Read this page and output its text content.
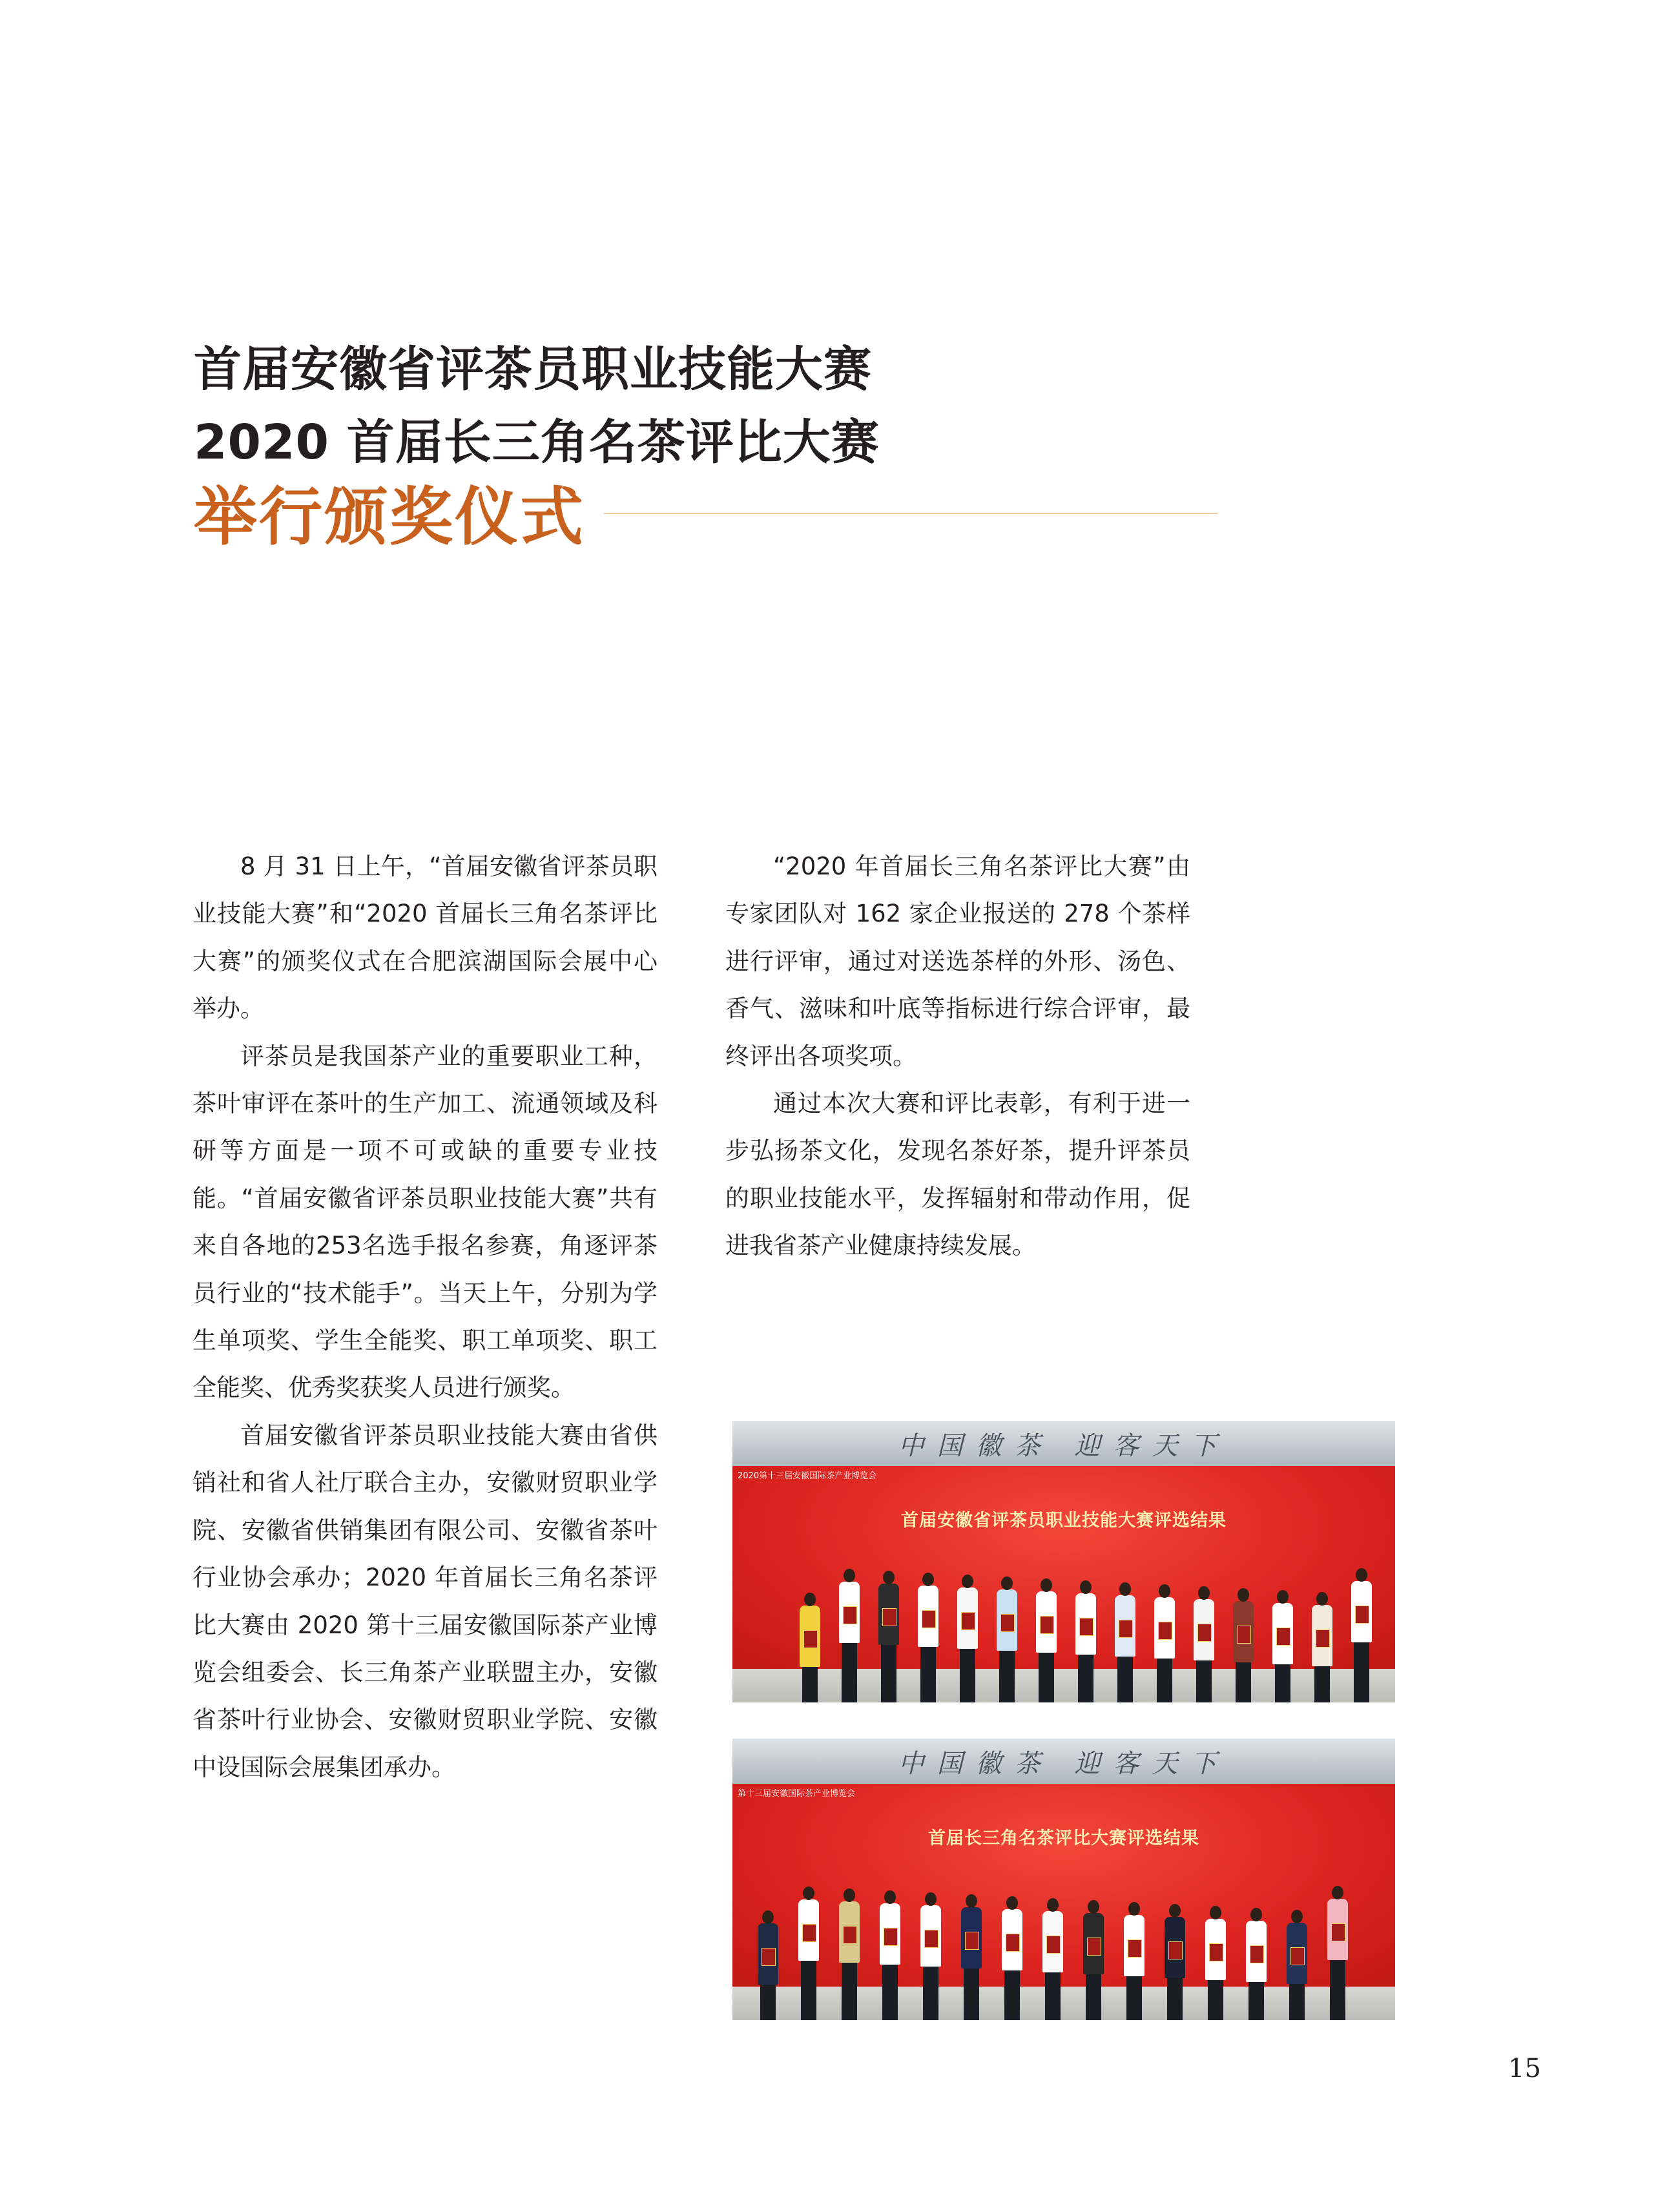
首届安徽省评茶员职业技能大赛
2020 首届长三角名茶评比大赛
举行颁奖仪式

8 月 31 日上午，“首届安徽省评茶员职业技能大赛”和“2020 首届长三角名茶评比大赛”的颁奖仪式在合肥滨湖国际会展中心举办。

评茶员是我国茶产业的重要职业工种，茶叶审评在茶叶的生产加工、流通领域及科研等方面是一项不可或缺的重要专业技能。“首届安徽省评茶员职业技能大赛”共有来自各地的253名选手报名参赛，角逐评茶员行业的“技术能手”。当天上午，分别为学生单项奖、学生全能奖、职工单项奖、职工全能奖、优秀奖获奖人员进行颁奖。

首届安徽省评茶员职业技能大赛由省供销社和省人社厅联合主办，安徽财贸职业学院、安徽省供销集团有限公司、安徽省茶叶行业协会承办；2020 年首届长三角名茶评比大赛由 2020 第十三届安徽国际茶产业博览会组委会、长三角茶产业联盟主办，安徽省茶叶行业协会、安徽财贸职业学院、安徽中设国际会展集团承办。

“2020 年首届长三角名茶评比大赛”由专家团队对 162 家企业报送的 278 个茶样进行评审，通过对送选茶样的外形、汤色、香气、滋味和叶底等指标进行综合评审，最终评出各项奖项。

通过本次大赛和评比表彰，有利于进一步弘扬茶文化，发现名茶好茶，提升评茶员的职业技能水平，发挥辐射和带动作用，促进我省茶产业健康持续发展。

中国徽茶 迎客天下
2020第十三届安徽国际茶产业博览会
首届安徽省评茶员职业技能大赛评选结果
中国徽茶 迎客天下
第十三届安徽国际茶产业博览会
首届长三角名茶评比大赛评选结果
15
